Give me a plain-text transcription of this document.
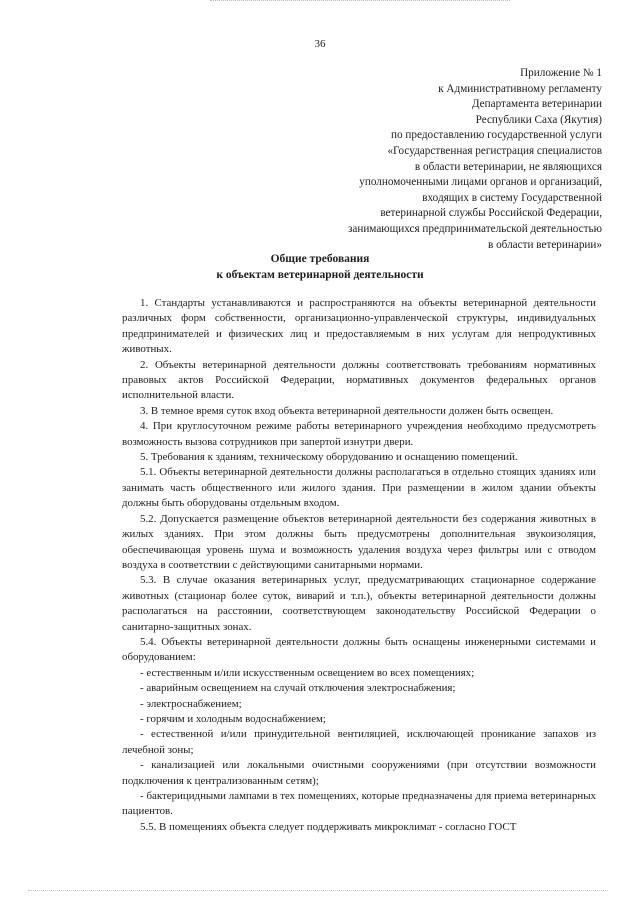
36
Приложение № 1
к Административному регламенту
Департамента ветеринарии
Республики Саха (Якутия)
по предоставлению государственной услуги
«Государственная регистрация специалистов
в области ветеринарии, не являющихся
уполномоченными лицами органов и организаций,
входящих в систему Государственной
ветеринарной службы Российской Федерации,
занимающихся предпринимательской деятельностью
в области ветеринарии»
Общие требования
к объектам ветеринарной деятельности

1. Стандарты устанавливаются и распространяются на объекты ветеринарной деятельности различных форм собственности, организационно-управленческой структуры, индивидуальных предпринимателей и физических лиц и предоставляемым в них услугам для непродуктивных животных.

2. Объекты ветеринарной деятельности должны соответствовать требованиям нормативных правовых актов Российской Федерации, нормативных документов федеральных органов исполнительной власти.

3. В темное время суток вход объекта ветеринарной деятельности должен быть освещен.

4. При круглосуточном режиме работы ветеринарного учреждения необходимо предусмотреть возможность вызова сотрудников при запертой изнутри двери.

5. Требования к зданиям, техническому оборудованию и оснащению помещений.

5.1. Объекты ветеринарной деятельности должны располагаться в отдельно стоящих зданиях или занимать часть общественного или жилого здания. При размещении в жилом здании объекты должны быть оборудованы отдельным входом.

5.2. Допускается размещение объектов ветеринарной деятельности без содержания животных в жилых зданиях. При этом должны быть предусмотрены дополнительная звукоизоляция, обеспечивающая уровень шума и возможность удаления воздуха через фильтры или с отводом воздуха в соответствии с действующими санитарными нормами.

5.3. В случае оказания ветеринарных услуг, предусматривающих стационарное содержание животных (стационар более суток, виварий и т.п.), объекты ветеринарной деятельности должны располагаться на расстоянии, соответствующем законодательству Российской Федерации о санитарно-защитных зонах.

5.4. Объекты ветеринарной деятельности должны быть оснащены инженерными системами и оборудованием:

- естественным и/или искусственным освещением во всех помещениях;

- аварийным освещением на случай отключения электроснабжения;

- электроснабжением;

- горячим и холодным водоснабжением;

- естественной и/или принудительной вентиляцией, исключающей проникание запахов из лечебной зоны;

- канализацией или локальными очистными сооружениями (при отсутствии возможности подключения к централизованным сетям);

- бактерицидными лампами в тех помещениях, которые предназначены для приема ветеринарных пациентов.

5.5. В помещениях объекта следует поддерживать микроклимат - согласно ГОСТ
